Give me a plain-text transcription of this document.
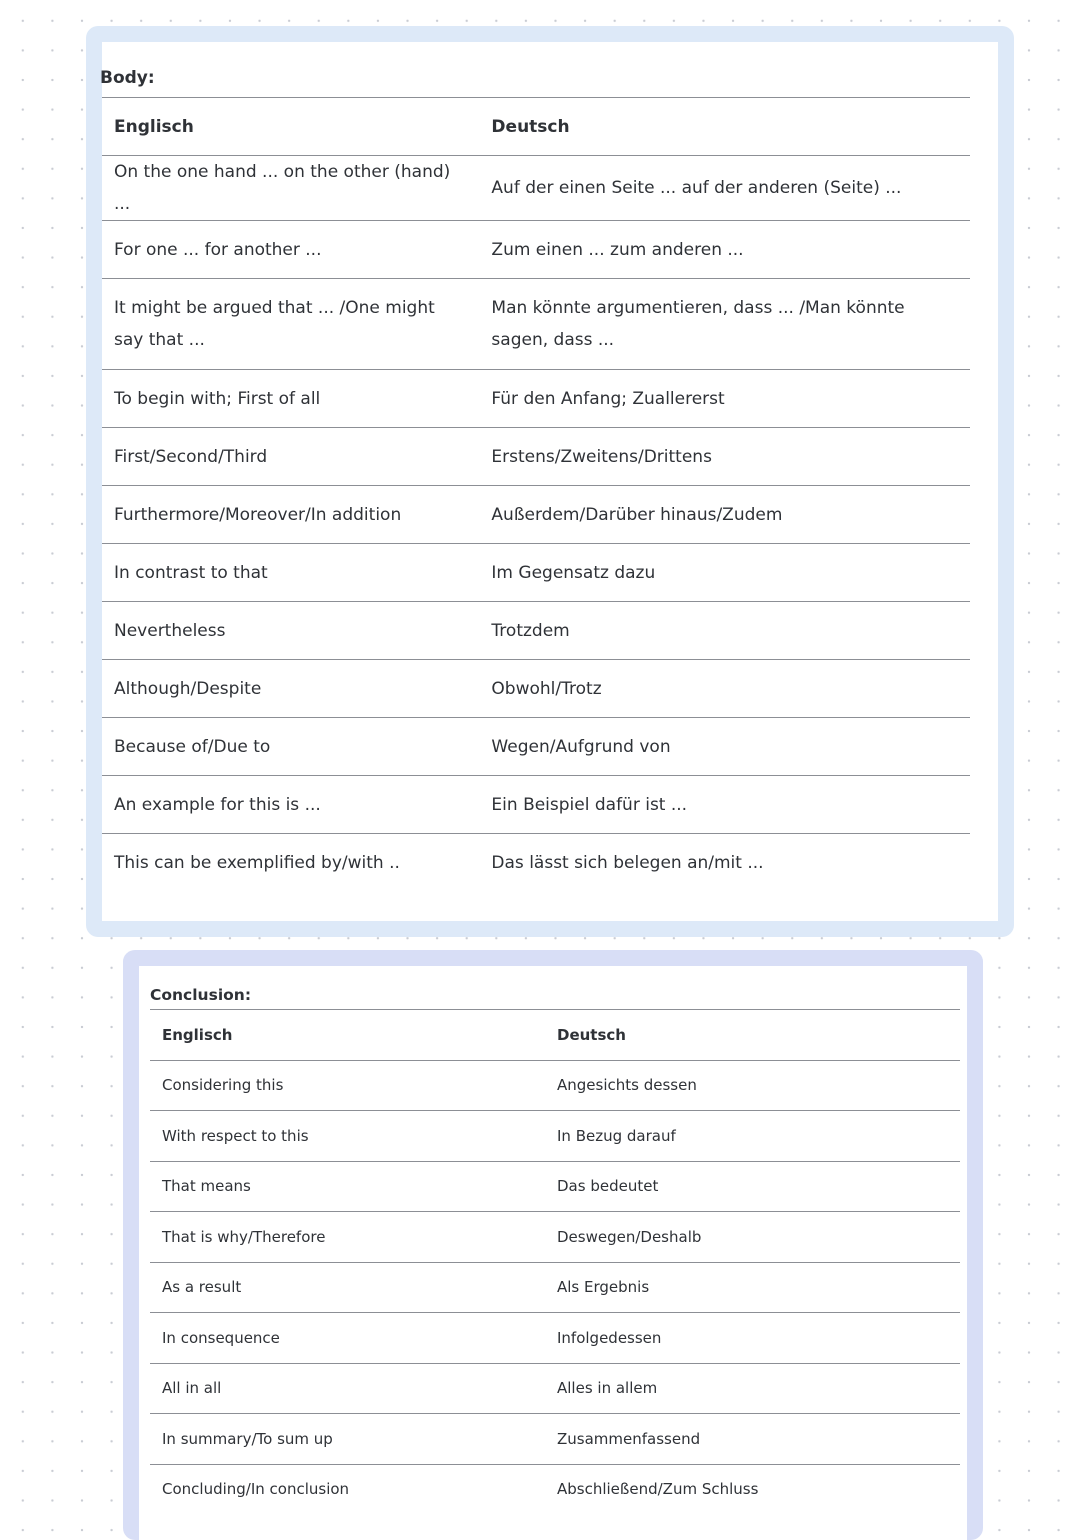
Body:
Englisch	Deutsch
On the one hand ... on the other (hand) ...	Auf der einen Seite ... auf der anderen (Seite) ...
For one ... for another ...	Zum einen ... zum anderen ...
It might be argued that ... /One might say that ...	Man könnte argumentieren, dass ... /Man könnte sagen, dass ...
To begin with; First of all	Für den Anfang; Zuallererst
First/Second/Third	Erstens/Zweitens/Drittens
Furthermore/Moreover/In addition	Außerdem/Darüber hinaus/Zudem
In contrast to that	Im Gegensatz dazu
Nevertheless	Trotzdem
Although/Despite	Obwohl/Trotz
Because of/Due to	Wegen/Aufgrund von
An example for this is ...	Ein Beispiel dafür ist ...
This can be exemplified by/with ..	Das lässt sich belegen an/mit ...
Conclusion:
Englisch	Deutsch
Considering this	Angesichts dessen
With respect to this	In Bezug darauf
That means	Das bedeutet
That is why/Therefore	Deswegen/Deshalb
As a result	Als Ergebnis
In consequence	Infolgedessen
All in all	Alles in allem
In summary/To sum up	Zusammenfassend
Concluding/In conclusion	Abschließend/Zum Schluss
